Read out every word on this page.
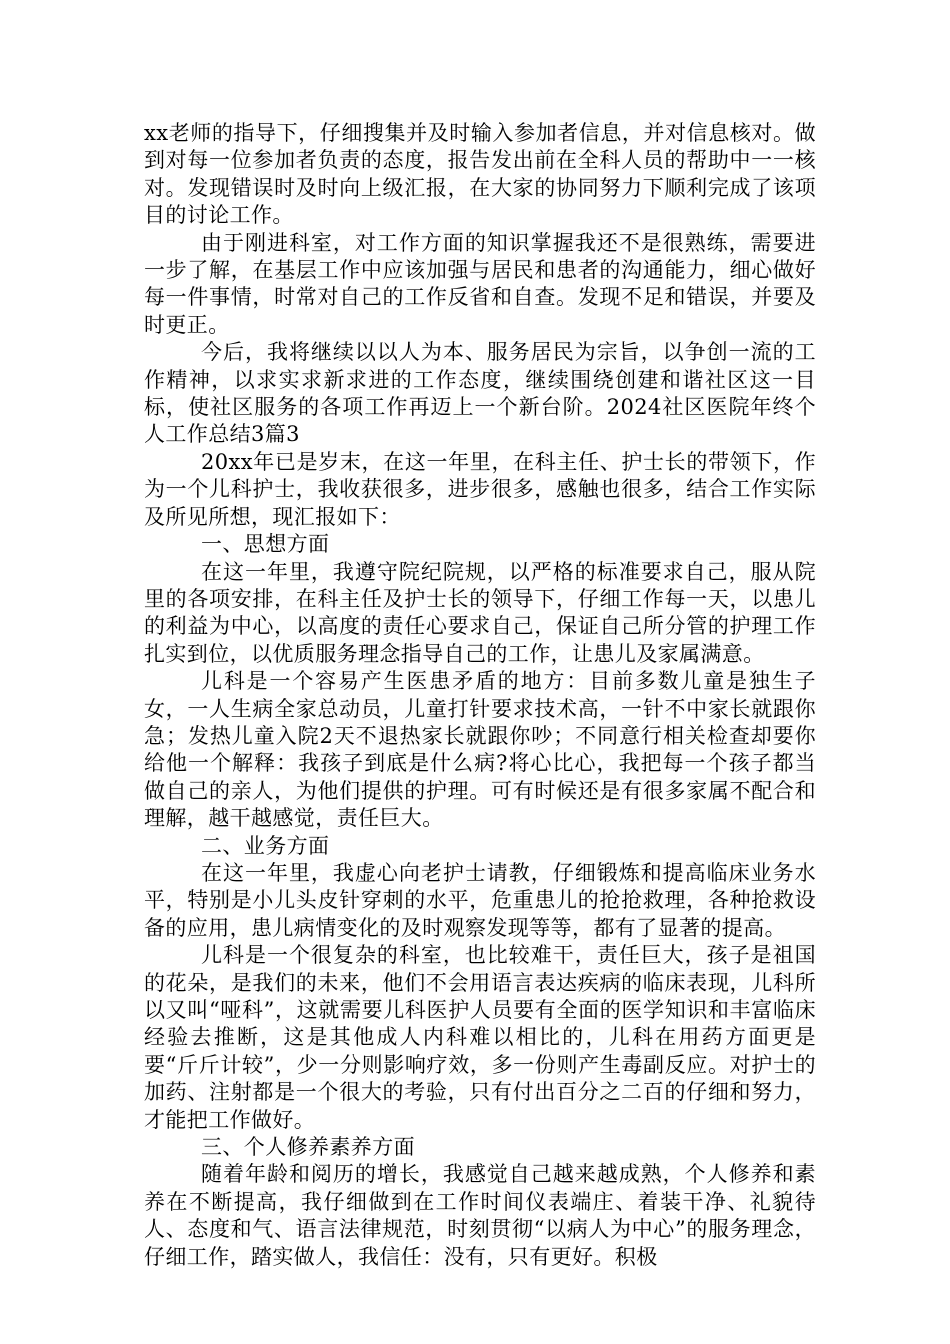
xx老师的指导下，仔细搜集并及时输入参加者信息，并对信息核对。做到对每一位参加者负责的态度，报告发出前在全科人员的帮助中一一核对。发现错误时及时向上级汇报，在大家的协同努力下顺利完成了该项目的讨论工作。

由于刚进科室，对工作方面的知识掌握我还不是很熟练，需要进一步了解，在基层工作中应该加强与居民和患者的沟通能力，细心做好每一件事情，时常对自己的工作反省和自查。发现不足和错误，并要及时更正。

今后，我将继续以以人为本、服务居民为宗旨，以争创一流的工作精神，以求实求新求进的工作态度，继续围绕创建和谐社区这一目标，使社区服务的各项工作再迈上一个新台阶。2024社区医院年终个人工作总结3篇3

20xx年已是岁末，在这一年里，在科主任、护士长的带领下，作为一个儿科护士，我收获很多，进步很多，感触也很多，结合工作实际及所见所想，现汇报如下：

一、思想方面

在这一年里，我遵守院纪院规，以严格的标准要求自己，服从院里的各项安排，在科主任及护士长的领导下，仔细工作每一天，以患儿的利益为中心，以高度的责任心要求自己，保证自己所分管的护理工作扎实到位，以优质服务理念指导自己的工作，让患儿及家属满意。

儿科是一个容易产生医患矛盾的地方：目前多数儿童是独生子女，一人生病全家总动员，儿童打针要求技术高，一针不中家长就跟你急；发热儿童入院2天不退热家长就跟你吵；不同意行相关检查却要你给他一个解释：我孩子到底是什么病?将心比心，我把每一个孩子都当做自己的亲人，为他们提供的护理。可有时候还是有很多家属不配合和理解，越干越感觉，责任巨大。

二、业务方面

在这一年里，我虚心向老护士请教，仔细锻炼和提高临床业务水平，特别是小儿头皮针穿刺的水平，危重患儿的抢抢救理，各种抢救设备的应用，患儿病情变化的及时观察发现等等，都有了显著的提高。

儿科是一个很复杂的科室，也比较难干，责任巨大，孩子是祖国的花朵，是我们的未来，他们不会用语言表达疾病的临床表现，儿科所以又叫“哑科”，这就需要儿科医护人员要有全面的医学知识和丰富临床经验去推断，这是其他成人内科难以相比的，儿科在用药方面更是要“斤斤计较”，少一分则影响疗效，多一份则产生毒副反应。对护士的加药、注射都是一个很大的考验，只有付出百分之二百的仔细和努力，才能把工作做好。

三、个人修养素养方面

随着年龄和阅历的增长，我感觉自己越来越成熟，个人修养和素养在不断提高，我仔细做到在工作时间仪表端庄、着装干净、礼貌待人、态度和气、语言法律规范，时刻贯彻“以病人为中心”的服务理念，仔细工作，踏实做人，我信任：没有，只有更好。积极
